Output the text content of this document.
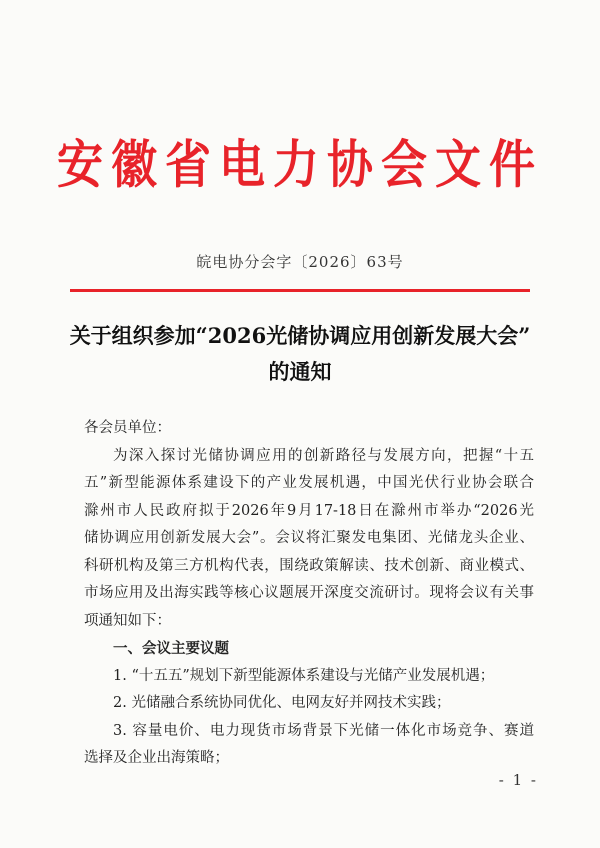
安徽省电力协会文件
皖电协分会字〔2026〕63号
关于组织参加“2026光储协调应用创新发展大会”
的通知
各会员单位：
为深入探讨光储协调应用的创新路径与发展方向，把握“十五
五”新型能源体系建设下的产业发展机遇，中国光伏行业协会联合
滁州市人民政府拟于2026年9月17-18日在滁州市举办“2026光
储协调应用创新发展大会”。会议将汇聚发电集团、光储龙头企业、
科研机构及第三方机构代表，围绕政策解读、技术创新、商业模式、
市场应用及出海实践等核心议题展开深度交流研讨。现将会议有关事
项通知如下：
一、会议主要议题
1. “十五五”规划下新型能源体系建设与光储产业发展机遇；
2. 光储融合系统协同优化、电网友好并网技术实践；
3. 容量电价、电力现货市场背景下光储一体化市场竞争、赛道
选择及企业出海策略；
- 1 -
